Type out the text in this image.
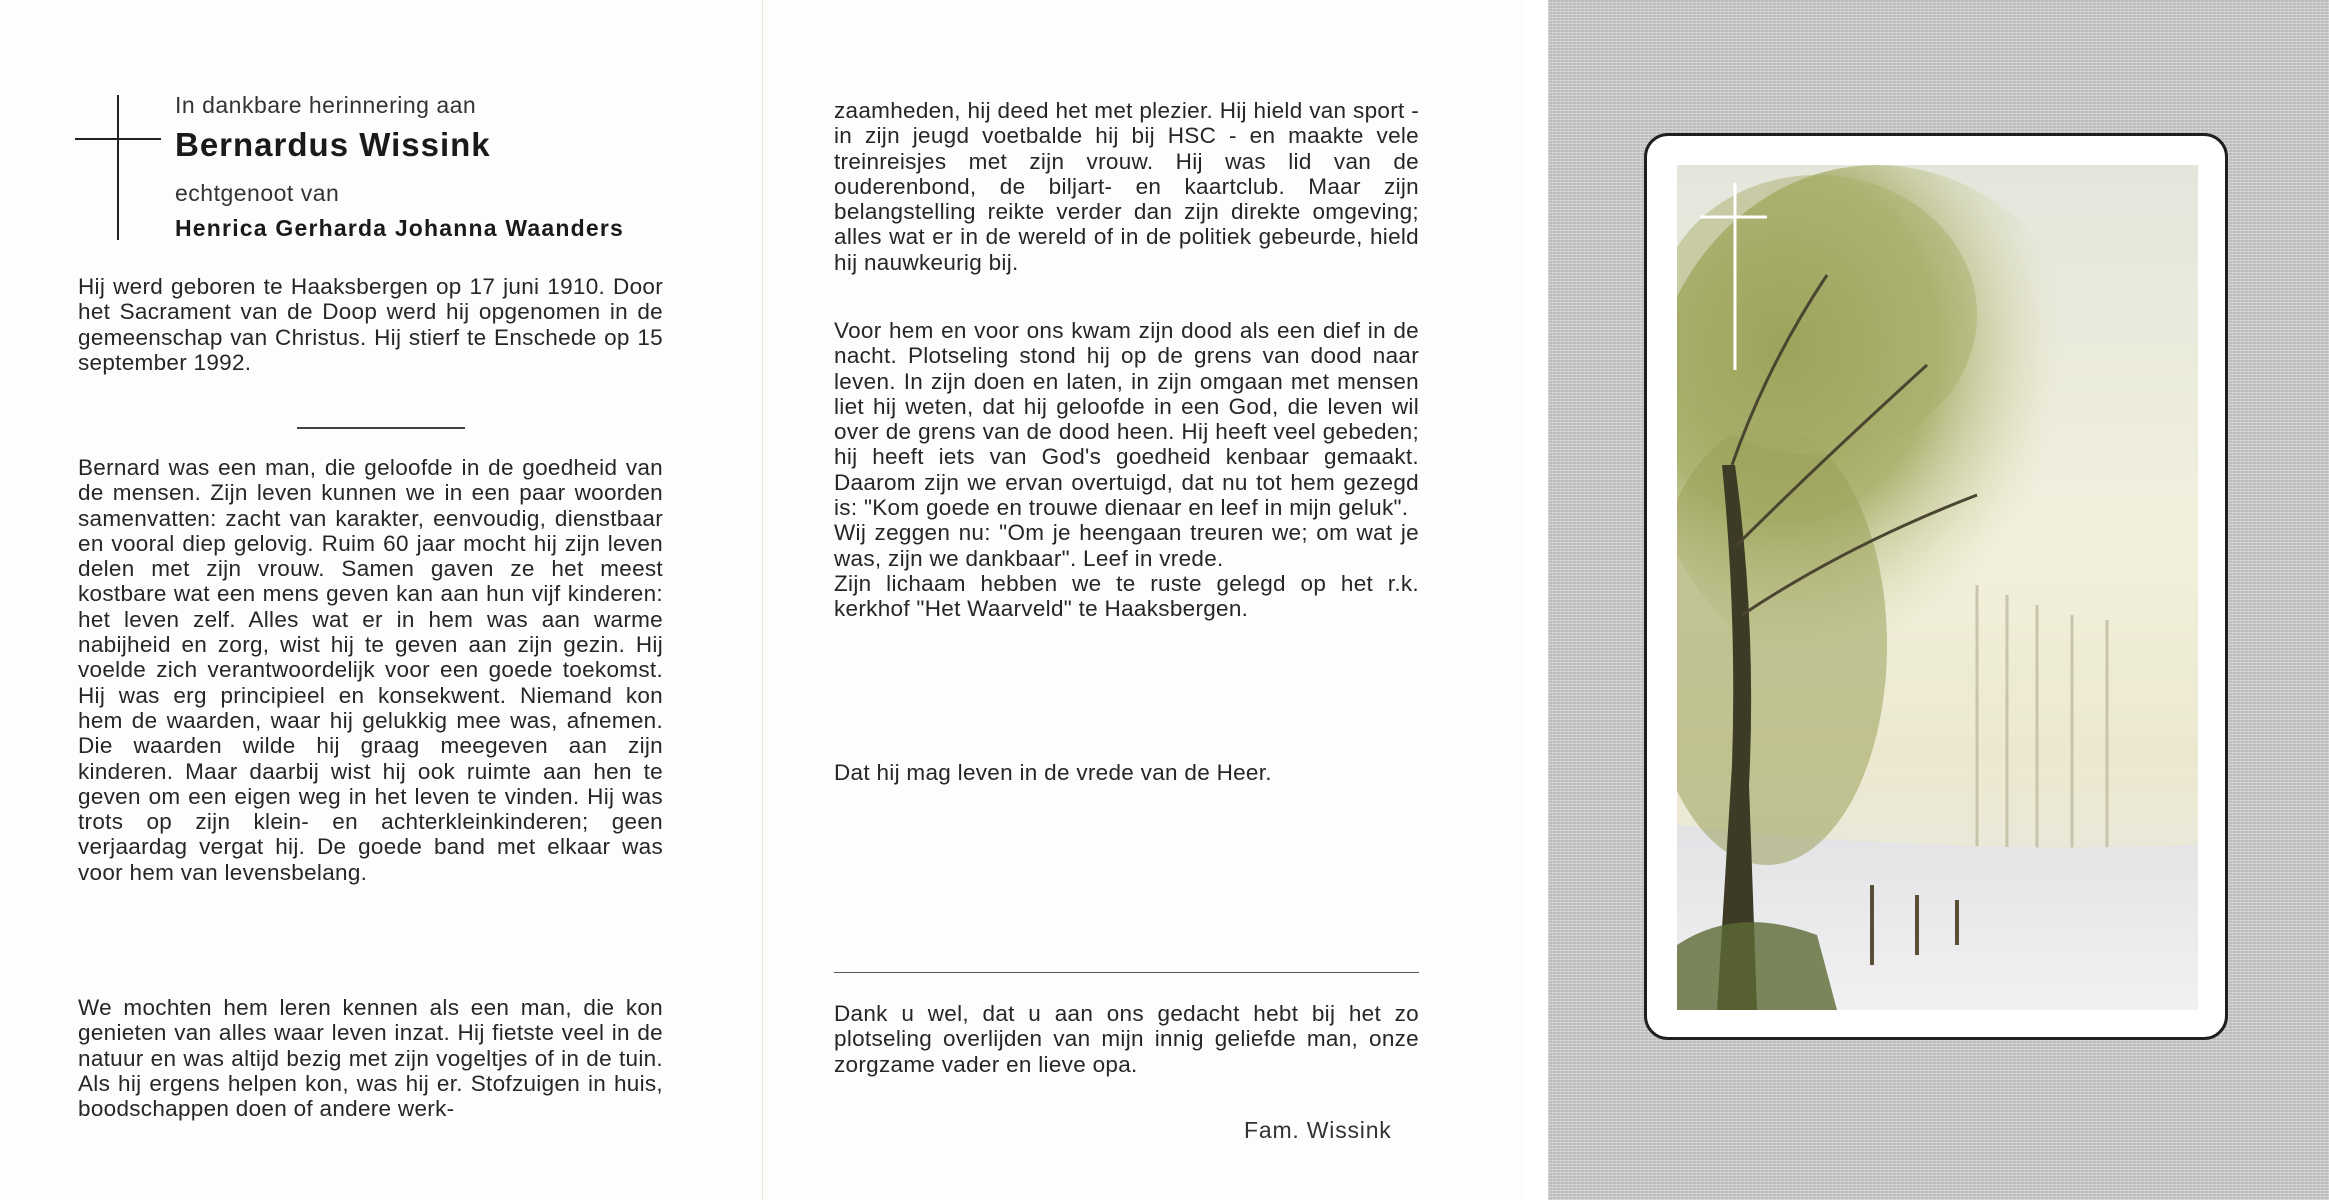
In dankbare herinnering aan

Bernardus Wissink

echtgenoot van

Henrica Gerharda Johanna Waanders

Hij werd geboren te Haaksbergen op 17 juni 1910. Door het Sacrament van de Doop werd hij opgenomen in de gemeenschap van Christus. Hij stierf te Enschede op 15 september 1992.

Bernard was een man, die geloofde in de goedheid van de mensen. Zijn leven kunnen we in een paar woorden samenvatten: zacht van karakter, eenvoudig, dienstbaar en vooral diep gelovig. Ruim 60 jaar mocht hij zijn leven delen met zijn vrouw. Samen gaven ze het meest kostbare wat een mens geven kan aan hun vijf kinderen: het leven zelf. Alles wat er in hem was aan warme nabijheid en zorg, wist hij te geven aan zijn gezin. Hij voelde zich verantwoordelijk voor een goede toekomst. Hij was erg principieel en konsekwent. Niemand kon hem de waarden, waar hij gelukkig mee was, afnemen. Die waarden wilde hij graag meegeven aan zijn kinderen. Maar daarbij wist hij ook ruimte aan hen te geven om een eigen weg in het leven te vinden. Hij was trots op zijn klein- en achterkleinkinderen; geen verjaardag vergat hij. De goede band met elkaar was voor hem van levensbelang.

We mochten hem leren kennen als een man, die kon genieten van alles waar leven inzat. Hij fietste veel in de natuur en was altijd bezig met zijn vogeltjes of in de tuin. Als hij ergens helpen kon, was hij er. Stofzuigen in huis, boodschappen doen of andere werk-

zaamheden, hij deed het met plezier. Hij hield van sport - in zijn jeugd voetbalde hij bij HSC - en maakte vele treinreisjes met zijn vrouw. Hij was lid van de ouderenbond, de biljart- en kaartclub. Maar zijn belangstelling reikte verder dan zijn direkte omgeving; alles wat er in de wereld of in de politiek gebeurde, hield hij nauwkeurig bij.

Voor hem en voor ons kwam zijn dood als een dief in de nacht. Plotseling stond hij op de grens van dood naar leven. In zijn doen en laten, in zijn omgaan met mensen liet hij weten, dat hij geloofde in een God, die leven wil over de grens van de dood heen. Hij heeft veel gebeden; hij heeft iets van God's goedheid kenbaar gemaakt. Daarom zijn we ervan overtuigd, dat nu tot hem gezegd is: "Kom goede en trouwe dienaar en leef in mijn geluk".
Wij zeggen nu: "Om je heengaan treuren we; om wat je was, zijn we dankbaar". Leef in vrede.
Zijn lichaam hebben we te ruste gelegd op het r.k. kerkhof "Het Waarveld" te Haaksbergen.

Dat hij mag leven in de vrede van de Heer.

Dank u wel, dat u aan ons gedacht hebt bij het zo plotseling overlijden van mijn innig geliefde man, onze zorgzame vader en lieve opa.

Fam. Wissink
